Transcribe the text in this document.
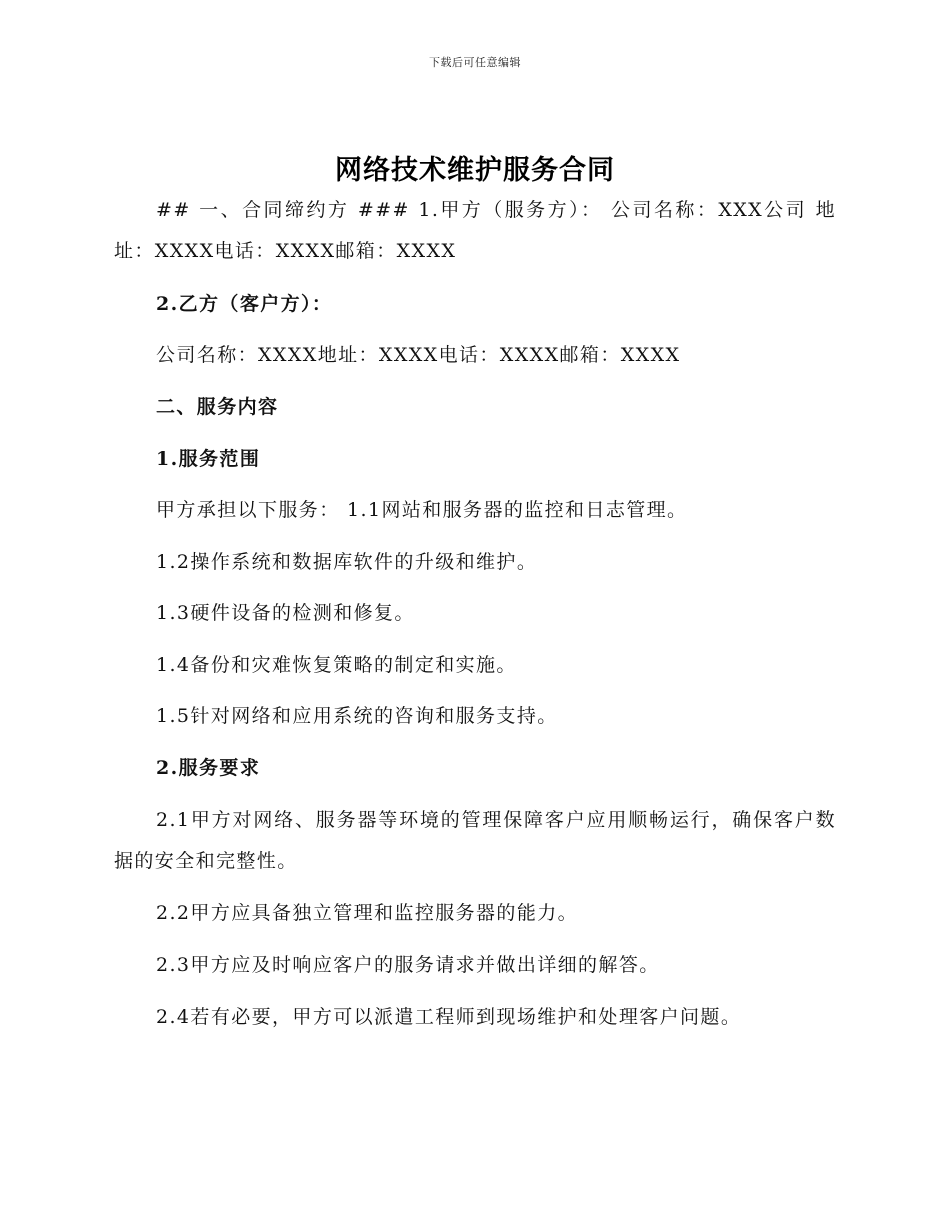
下载后可任意编辑
网络技术维护服务合同

## 一、合同缔约方 ### 1.甲方（服务方）： 公司名称：XXX公司 地址：XXXX电话：XXXX邮箱：XXXX

2.乙方（客户方）：

公司名称：XXXX地址：XXXX电话：XXXX邮箱：XXXX

二、服务内容

1.服务范围

甲方承担以下服务： 1.1网站和服务器的监控和日志管理。

1.2操作系统和数据库软件的升级和维护。

1.3硬件设备的检测和修复。

1.4备份和灾难恢复策略的制定和实施。

1.5针对网络和应用系统的咨询和服务支持。

2.服务要求

2.1甲方对网络、服务器等环境的管理保障客户应用顺畅运行，确保客户数据的安全和完整性。

2.2甲方应具备独立管理和监控服务器的能力。

2.3甲方应及时响应客户的服务请求并做出详细的解答。

2.4若有必要，甲方可以派遣工程师到现场维护和处理客户问题。
